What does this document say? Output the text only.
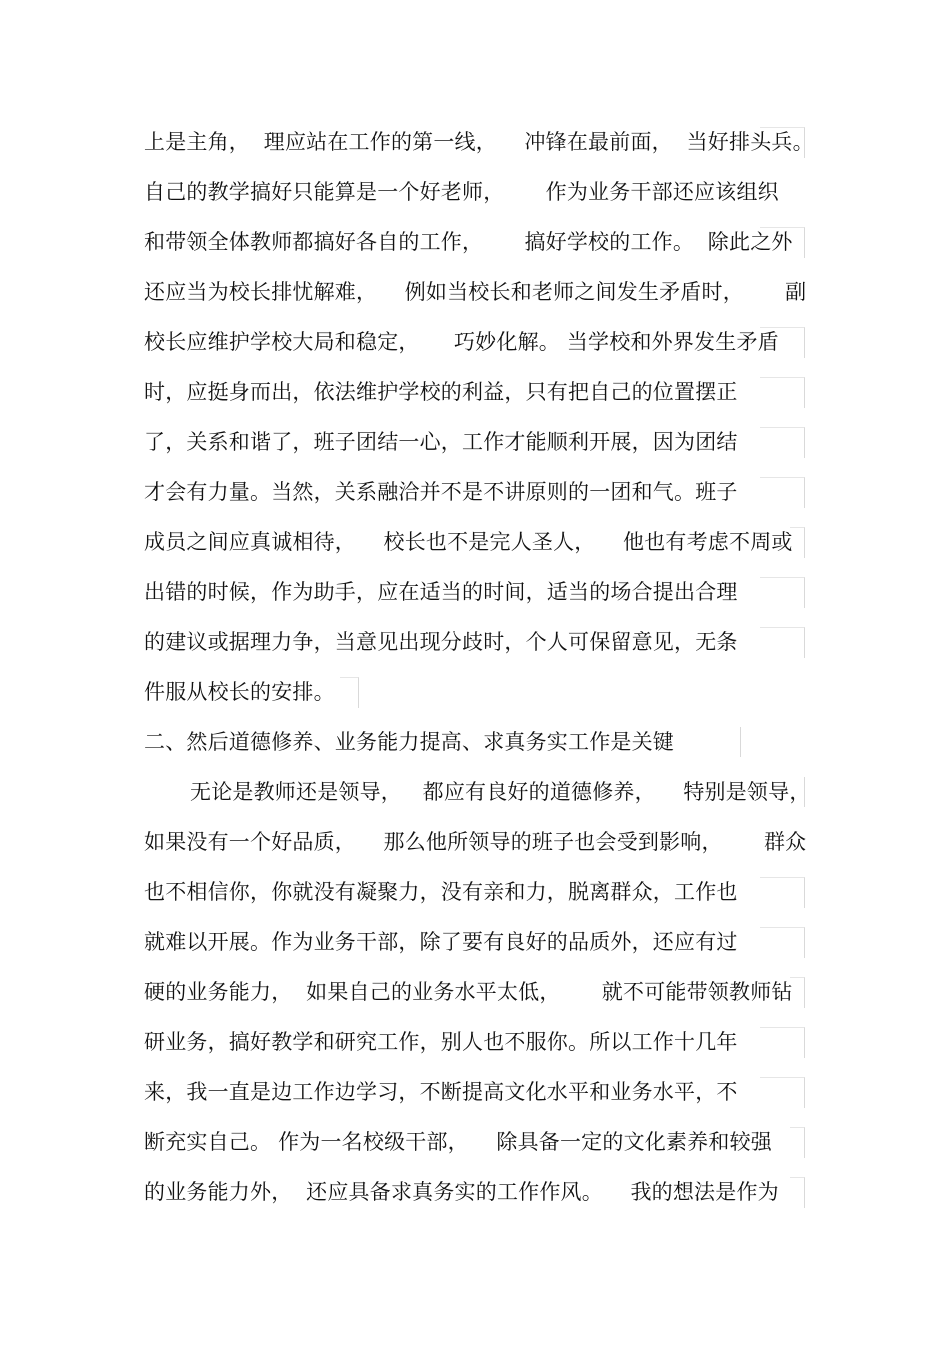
上是主角，  理应站在工作的第一线，    冲锋在最前面，  当好排头兵。
自己的教学搞好只能算是一个好老师，      作为业务干部还应该组织
和带领全体教师都搞好各自的工作，      搞好学校的工作。  除此之外
还应当为校长排忧解难，    例如当校长和老师之间发生矛盾时，      副
校长应维护学校大局和稳定，     巧妙化解。 当学校和外界发生矛盾
时，应挺身而出，依法维护学校的利益，只有把自己的位置摆正
了，关系和谐了，班子团结一心，工作才能顺利开展，因为团结
才会有力量。当然，关系融洽并不是不讲原则的一团和气。班子
成员之间应真诚相待，    校长也不是完人圣人，    他也有考虑不周或
出错的时候，作为助手，应在适当的时间，适当的场合提出合理
的建议或据理力争，当意见出现分歧时，个人可保留意见，无条
件服从校长的安排。
二、然后道德修养、业务能力提高、求真务实工作是关键
无论是教师还是领导，   都应有良好的道德修养，    特别是领导，
如果没有一个好品质，    那么他所领导的班子也会受到影响，      群众
也不相信你，你就没有凝聚力，没有亲和力，脱离群众，工作也
就难以开展。作为业务干部，除了要有良好的品质外，还应有过
硬的业务能力，  如果自己的业务水平太低，      就不可能带领教师钻
研业务，搞好教学和研究工作，别人也不服你。所以工作十几年
来，我一直是边工作边学习，不断提高文化水平和业务水平，不
断充实自己。 作为一名校级干部，    除具备一定的文化素养和较强
的业务能力外，  还应具备求真务实的工作作风。    我的想法是作为
